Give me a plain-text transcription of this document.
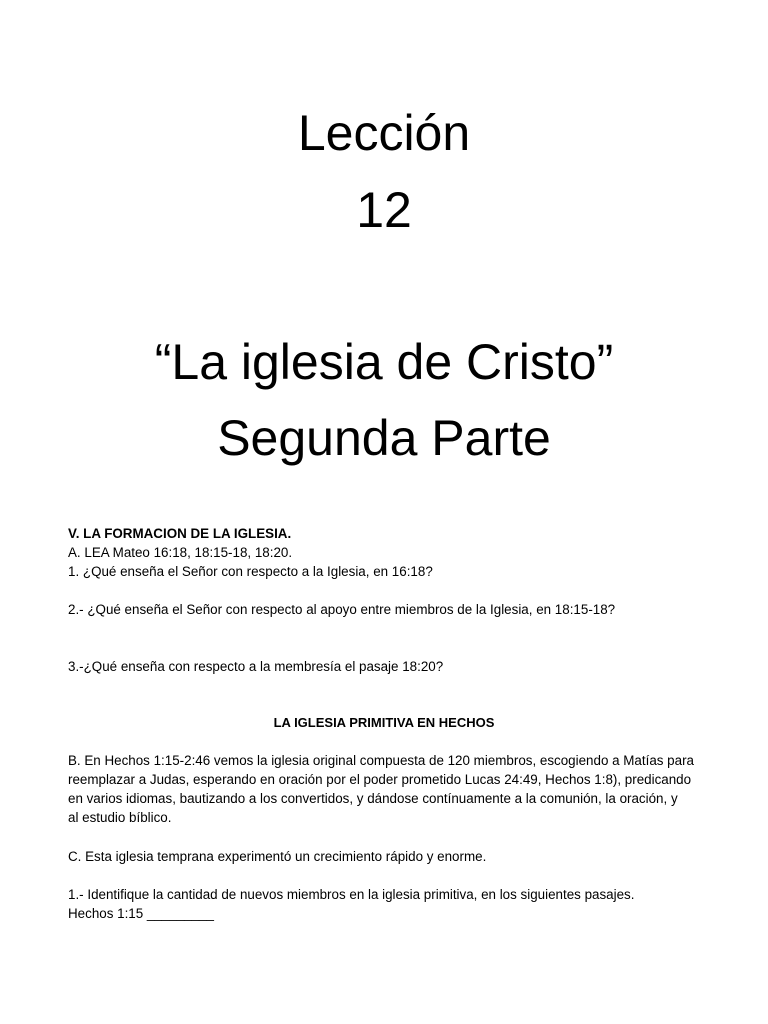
Lección
12
“La iglesia de Cristo”
Segunda Parte
V. LA FORMACION DE LA IGLESIA.
A. LEA Mateo 16:18, 18:15-18, 18:20.
1. ¿Qué enseña el Señor con respecto a la Iglesia, en 16:18?
2.- ¿Qué enseña el Señor con respecto al apoyo entre miembros de la Iglesia, en 18:15-18?
3.-¿Qué enseña con respecto a la membresía el pasaje 18:20?
LA IGLESIA PRIMITIVA EN HECHOS
B. En Hechos 1:15-2:46 vemos la iglesia original compuesta de 120 miembros, escogiendo a Matías para
reemplazar a Judas, esperando en oración por el poder prometido Lucas 24:49, Hechos 1:8), predicando
en varios idiomas, bautizando a los convertidos, y dándose contínuamente a la comunión, la oración, y
al estudio bíblico.
C. Esta iglesia temprana experimentó un crecimiento rápido y enorme.
1.- Identifique la cantidad de nuevos miembros en la iglesia primitiva, en los siguientes pasajes.
Hechos 1:15 _________
